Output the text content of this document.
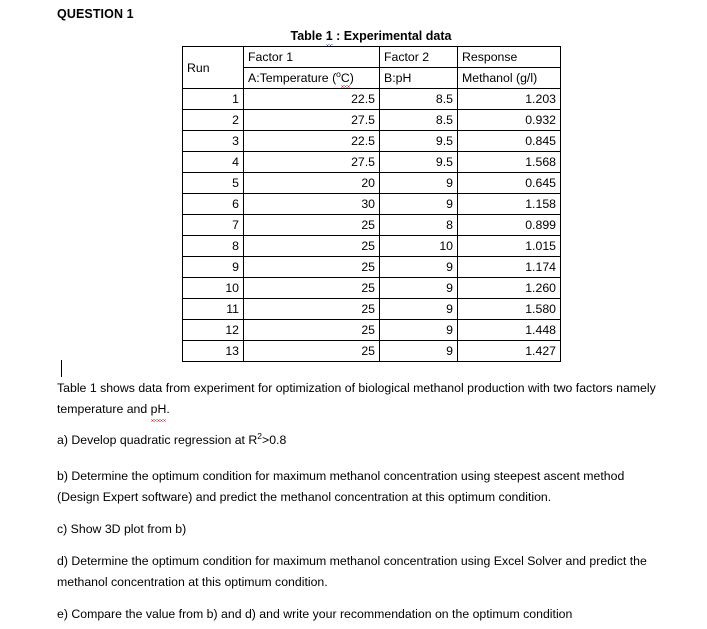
QUESTION 1
Table 1 : Experimental data
Run	Factor 1	Factor 2	Response
	A:Temperature ($^o$C)	B:pH	Methanol (g/l)
1	22.5	8.5	1.203
2	27.5	8.5	0.932
3	22.5	9.5	0.845
4	27.5	9.5	1.568
5	20	9	0.645
6	30	9	1.158
7	25	8	0.899
8	25	10	1.015
9	25	9	1.174
10	25	9	1.260
11	25	9	1.580
12	25	9	1.448
13	25	9	1.427
Table 1 shows data from experiment for optimization of biological methanol production with two factors namely temperature and pH.
a) Develop quadratic regression at $R^2>0.8$
b) Determine the optimum condition for maximum methanol concentration using steepest ascent method (Design Expert software) and predict the methanol concentration at this optimum condition.
c) Show 3D plot from b)
d) Determine the optimum condition for maximum methanol concentration using Excel Solver and predict the methanol concentration at this optimum condition.
e) Compare the value from b) and d) and write your recommendation on the optimum condition
